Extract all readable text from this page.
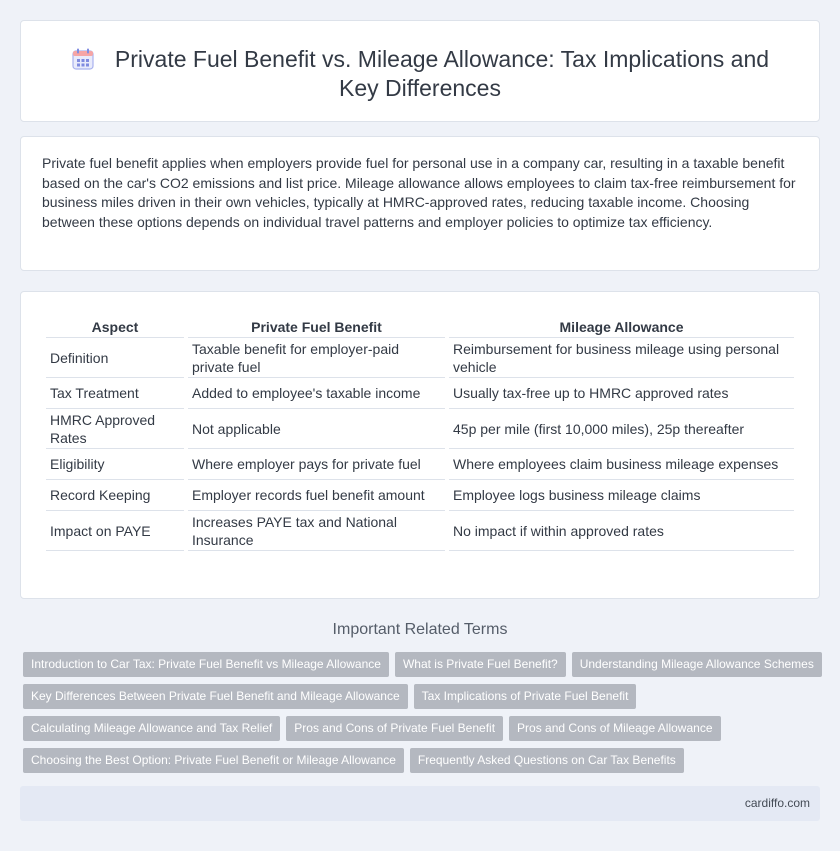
Private Fuel Benefit vs. Mileage Allowance: Tax Implications and Key Differences

Private fuel benefit applies when employers provide fuel for personal use in a company car, resulting in a taxable benefit based on the car's CO2 emissions and list price. Mileage allowance allows employees to claim tax-free reimbursement for business miles driven in their own vehicles, typically at HMRC-approved rates, reducing taxable income. Choosing between these options depends on individual travel patterns and employer policies to optimize tax efficiency.

Aspect	Private Fuel Benefit	Mileage Allowance
Definition	Taxable benefit for employer-paid private fuel	Reimbursement for business mileage using personal vehicle
Tax Treatment	Added to employee's taxable income	Usually tax-free up to HMRC approved rates
HMRC Approved Rates	Not applicable	45p per mile (first 10,000 miles), 25p thereafter
Eligibility	Where employer pays for private fuel	Where employees claim business mileage expenses
Record Keeping	Employer records fuel benefit amount	Employee logs business mileage claims
Impact on PAYE	Increases PAYE tax and National Insurance	No impact if within approved rates
Important Related Terms
Introduction to Car Tax: Private Fuel Benefit vs Mileage Allowance What is Private Fuel Benefit? Understanding Mileage Allowance Schemes
Key Differences Between Private Fuel Benefit and Mileage Allowance Tax Implications of Private Fuel Benefit
Calculating Mileage Allowance and Tax Relief Pros and Cons of Private Fuel Benefit Pros and Cons of Mileage Allowance
Choosing the Best Option: Private Fuel Benefit or Mileage Allowance Frequently Asked Questions on Car Tax Benefits
cardiffo.com
